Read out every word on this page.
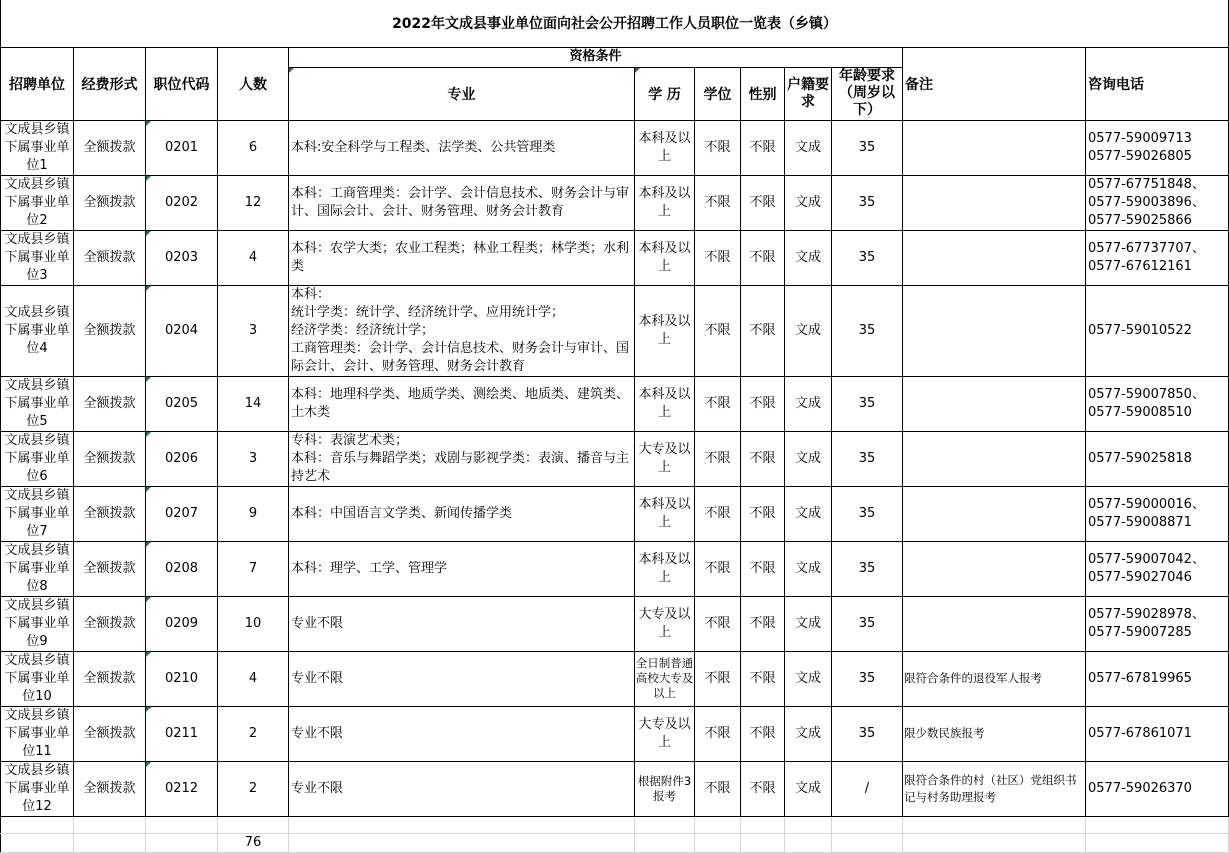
2022年文成县事业单位面向社会公开招聘工作人员职位一览表（乡镇）											
招聘单位	经费形式	职位代码	人数	资格条件						备注	咨询电话
				专业	学 历	学位	性别	户籍要求	年龄要求（周岁以下）		
文成县乡镇下属事业单位1	全额拨款	0201	6	本科:安全科学与工程类、法学类、公共管理类	本科及以上	不限	不限	文成	35		0577-59009713
0577-59026805
文成县乡镇下属事业单位2	全额拨款	0202	12	本科：工商管理类：会计学、会计信息技术、财务会计与审计、国际会计、会计、财务管理、财务会计教育	本科及以上	不限	不限	文成	35		0577-67751848、
0577-59003896、
0577-59025866
文成县乡镇下属事业单位3	全额拨款	0203	4	本科：农学大类；农业工程类；林业工程类；林学类；水利类	本科及以上	不限	不限	文成	35		0577-67737707、
0577-67612161
文成县乡镇下属事业单位4	全额拨款	0204	3	本科：
统计学类：统计学、经济统计学、应用统计学；
经济学类：经济统计学；
工商管理类：会计学、会计信息技术、财务会计与审计、国际会计、会计、财务管理、财务会计教育	本科及以上	不限	不限	文成	35		0577-59010522
文成县乡镇下属事业单位5	全额拨款	0205	14	本科：地理科学类、地质学类、测绘类、地质类、建筑类、土木类	本科及以上	不限	不限	文成	35		0577-59007850、
0577-59008510
文成县乡镇下属事业单位6	全额拨款	0206	3	专科：表演艺术类；
本科：音乐与舞蹈学类；戏剧与影视学类：表演、播音与主持艺术	大专及以上	不限	不限	文成	35		0577-59025818
文成县乡镇下属事业单位7	全额拨款	0207	9	本科：中国语言文学类、新闻传播学类	本科及以上	不限	不限	文成	35		0577-59000016、
0577-59008871
文成县乡镇下属事业单位8	全额拨款	0208	7	本科：理学、工学、管理学	本科及以上	不限	不限	文成	35		0577-59007042、
0577-59027046
文成县乡镇下属事业单位9	全额拨款	0209	10	专业不限	大专及以上	不限	不限	文成	35		0577-59028978、
0577-59007285
文成县乡镇下属事业单位10	全额拨款	0210	4	专业不限	全日制普通高校大专及以上	不限	不限	文成	35	限符合条件的退役军人报考	0577-67819965
文成县乡镇下属事业单位11	全额拨款	0211	2	专业不限	大专及以上	不限	不限	文成	35	限少数民族报考	0577-67861071
文成县乡镇下属事业单位12	全额拨款	0212	2	专业不限	根据附件3报考	不限	不限	文成	/	限符合条件的村（社区）党组织书记与村务助理报考	0577-59026370

			76								
